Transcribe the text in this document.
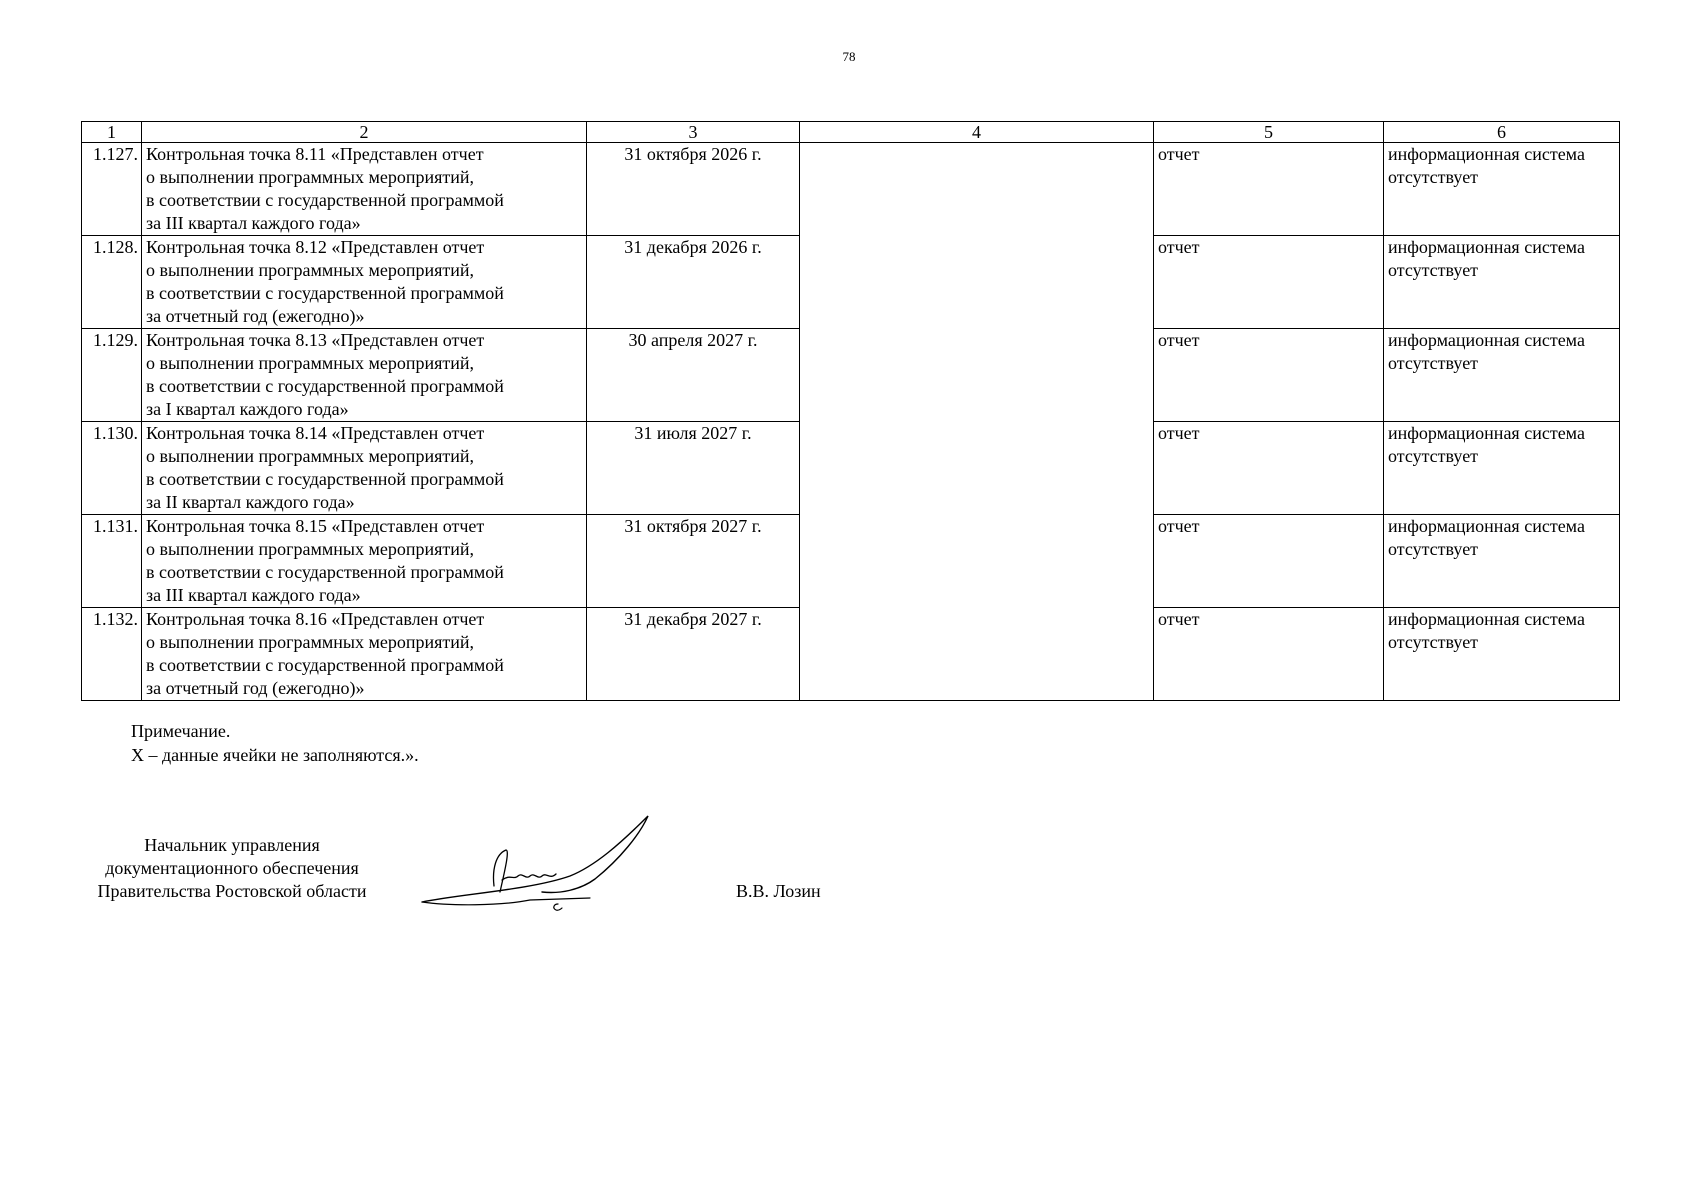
78
1	2	3	4	5	6
1.127.	Контрольная точка 8.11 «Представлен отчет
о выполнении программных мероприятий,
в соответствии с государственной программой
за III квартал каждого года»	31 октября 2026 г.		отчет	информационная система
отсутствует

1.128.	Контрольная точка 8.12 «Представлен отчет
о выполнении программных мероприятий,
в соответствии с государственной программой
за отчетный год (ежегодно)»	31 декабря 2026 г.		отчет	информационная система
отсутствует

1.129.	Контрольная точка 8.13 «Представлен отчет
о выполнении программных мероприятий,
в соответствии с государственной программой
за I квартал каждого года»	30 апреля 2027 г.		отчет	информационная система
отсутствует

1.130.	Контрольная точка 8.14 «Представлен отчет
о выполнении программных мероприятий,
в соответствии с государственной программой
за II квартал каждого года»	31 июля 2027 г.		отчет	информационная система
отсутствует

1.131.	Контрольная точка 8.15 «Представлен отчет
о выполнении программных мероприятий,
в соответствии с государственной программой
за III квартал каждого года»	31 октября 2027 г.		отчет	информационная система
отсутствует

1.132.	Контрольная точка 8.16 «Представлен отчет
о выполнении программных мероприятий,
в соответствии с государственной программой
за отчетный год (ежегодно)»	31 декабря 2027 г.		отчет	информационная система
отсутствует
Примечание.
Х – данные ячейки не заполняются.».
Начальник управления
документационного обеспечения
Правительства Ростовской области	В.В. Лозин
